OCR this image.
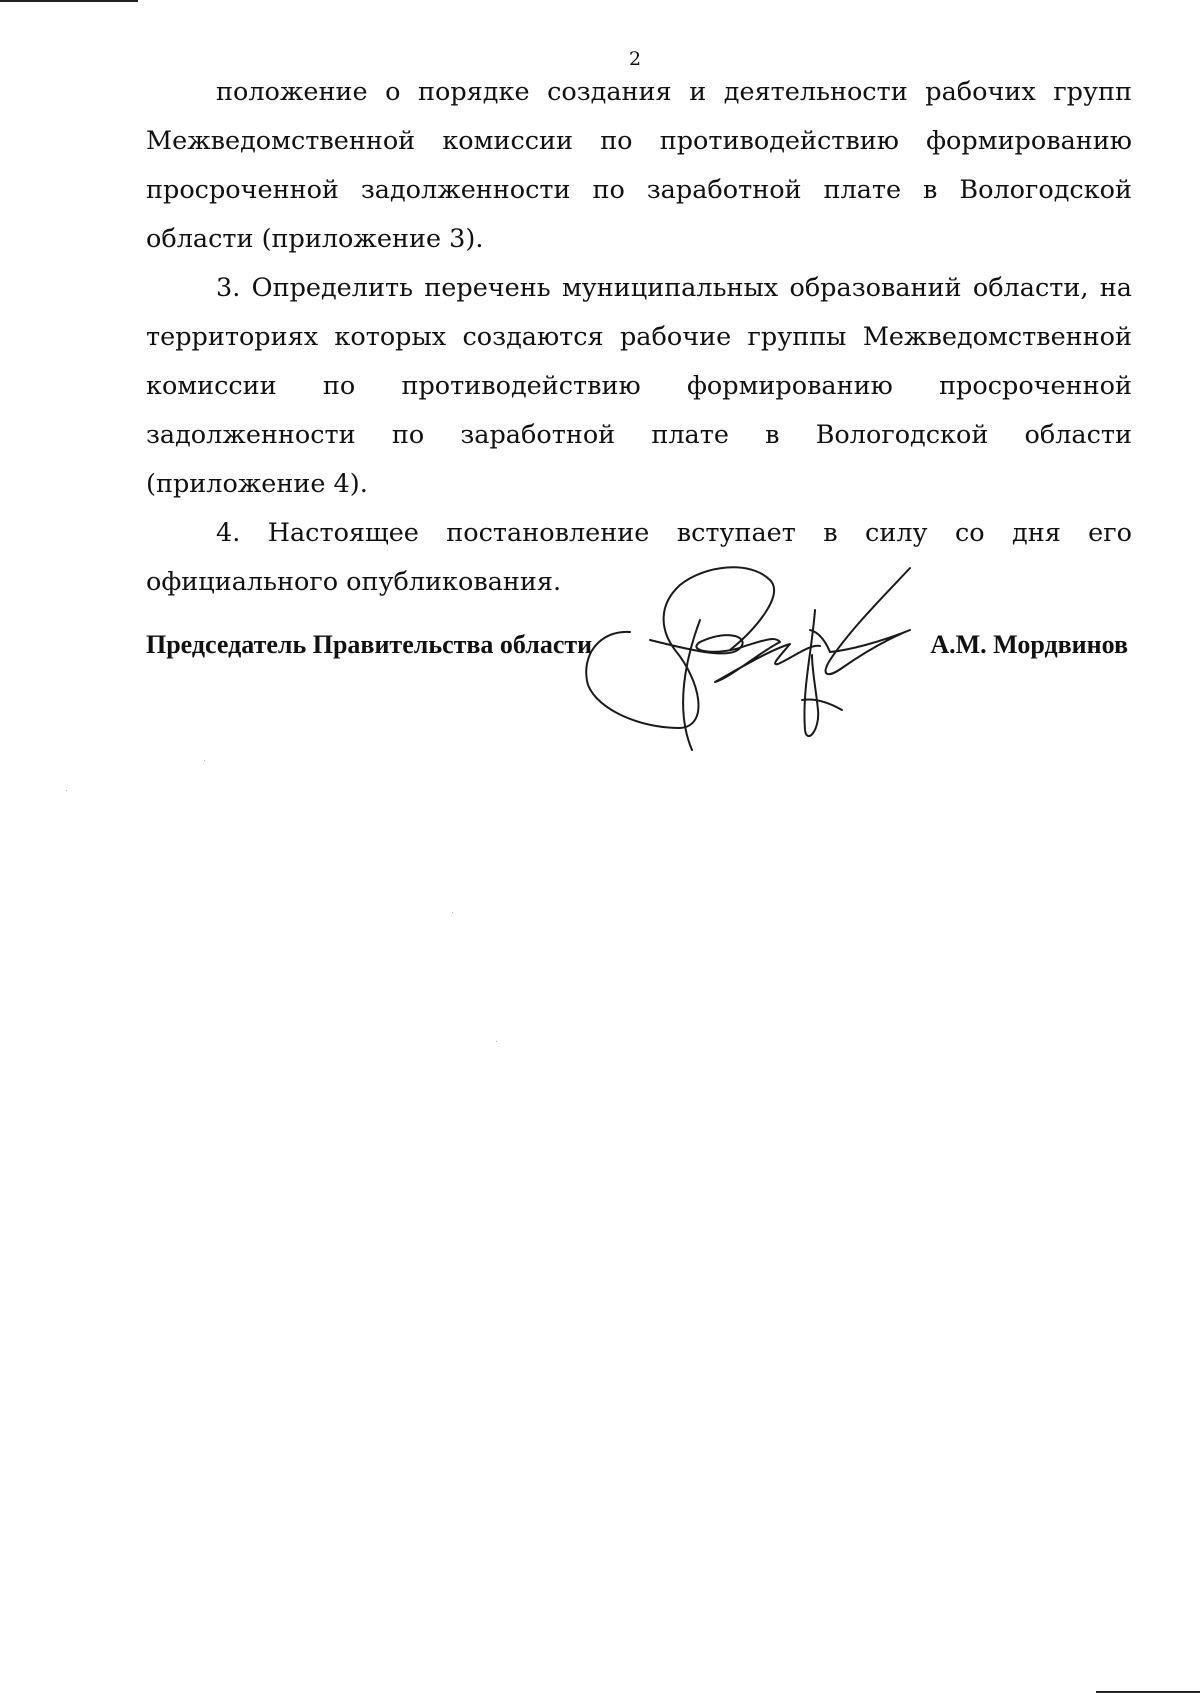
2

положение о порядке создания и деятельности рабочих групп Межведомственной комиссии по противодействию формированию просроченной задолженности по заработной плате в Вологодской области (приложение 3).

3. Определить перечень муниципальных образований области, на территориях которых создаются рабочие группы Межведомственной комиссии по противодействию формированию просроченной задолженности по заработной плате в Вологодской области (приложение 4).

4. Настоящее постановление вступает в силу со дня его официального опубликования.

Председатель Правительства области	А.М. Мордвинов
